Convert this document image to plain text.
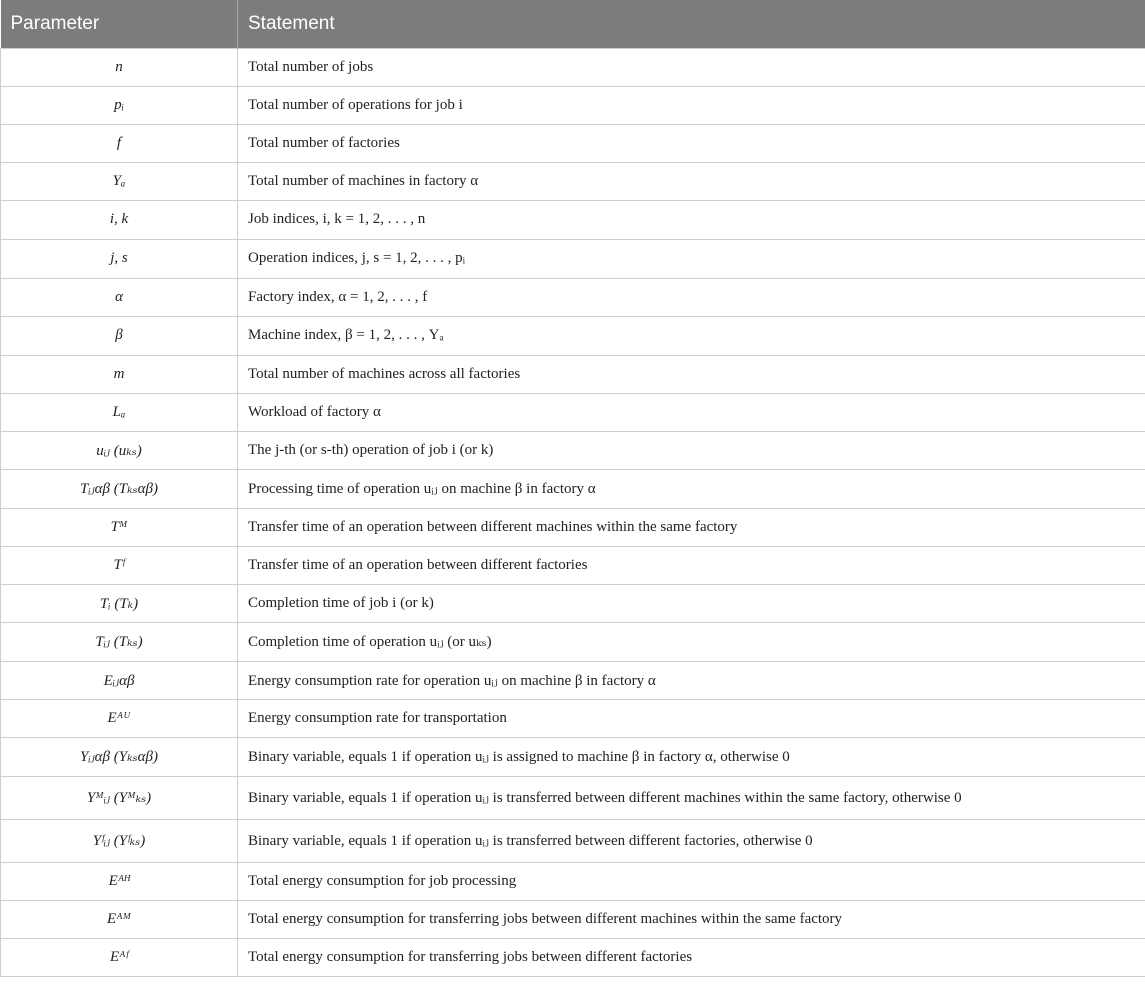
Parameter	Statement
n	Total number of jobs
pᵢ	Total number of operations for job i
f	Total number of factories
Yₐ	Total number of machines in factory α
i, k	Job indices, i, k = 1, 2, . . . , n
j, s	Operation indices, j, s = 1, 2, . . . , pᵢ
α	Factory index, α = 1, 2, . . . , f
β	Machine index, β = 1, 2, . . . , Yₐ
m	Total number of machines across all factories
Lₐ	Workload of factory α
uᵢⱼ (uₖₛ)	The j-th (or s-th) operation of job i (or k)
Tᵢⱼαβ (Tₖₛαβ)	Processing time of operation uᵢⱼ on machine β in factory α
Tᴹ	Transfer time of an operation between different machines within the same factory
Tᶠ	Transfer time of an operation between different factories
Tᵢ (Tₖ)	Completion time of job i (or k)
Tᵢⱼ (Tₖₛ)	Completion time of operation uᵢⱼ (or uₖₛ)
Eᵢⱼαβ	Energy consumption rate for operation uᵢⱼ on machine β in factory α
Eᴬᵁ	Energy consumption rate for transportation
Yᵢⱼαβ (Yₖₛαβ)	Binary variable, equals 1 if operation uᵢⱼ is assigned to machine β in factory α, otherwise 0
Yᴹᵢⱼ (Yᴹₖₛ)	Binary variable, equals 1 if operation uᵢⱼ is transferred between different machines within the same factory, otherwise 0
Yᶠᵢⱼ (Yᶠₖₛ)	Binary variable, equals 1 if operation uᵢⱼ is transferred between different factories, otherwise 0
Eᴬᴴ	Total energy consumption for job processing
Eᴬᴹ	Total energy consumption for transferring jobs between different machines within the same factory
Eᴬᶠ	Total energy consumption for transferring jobs between different factories
